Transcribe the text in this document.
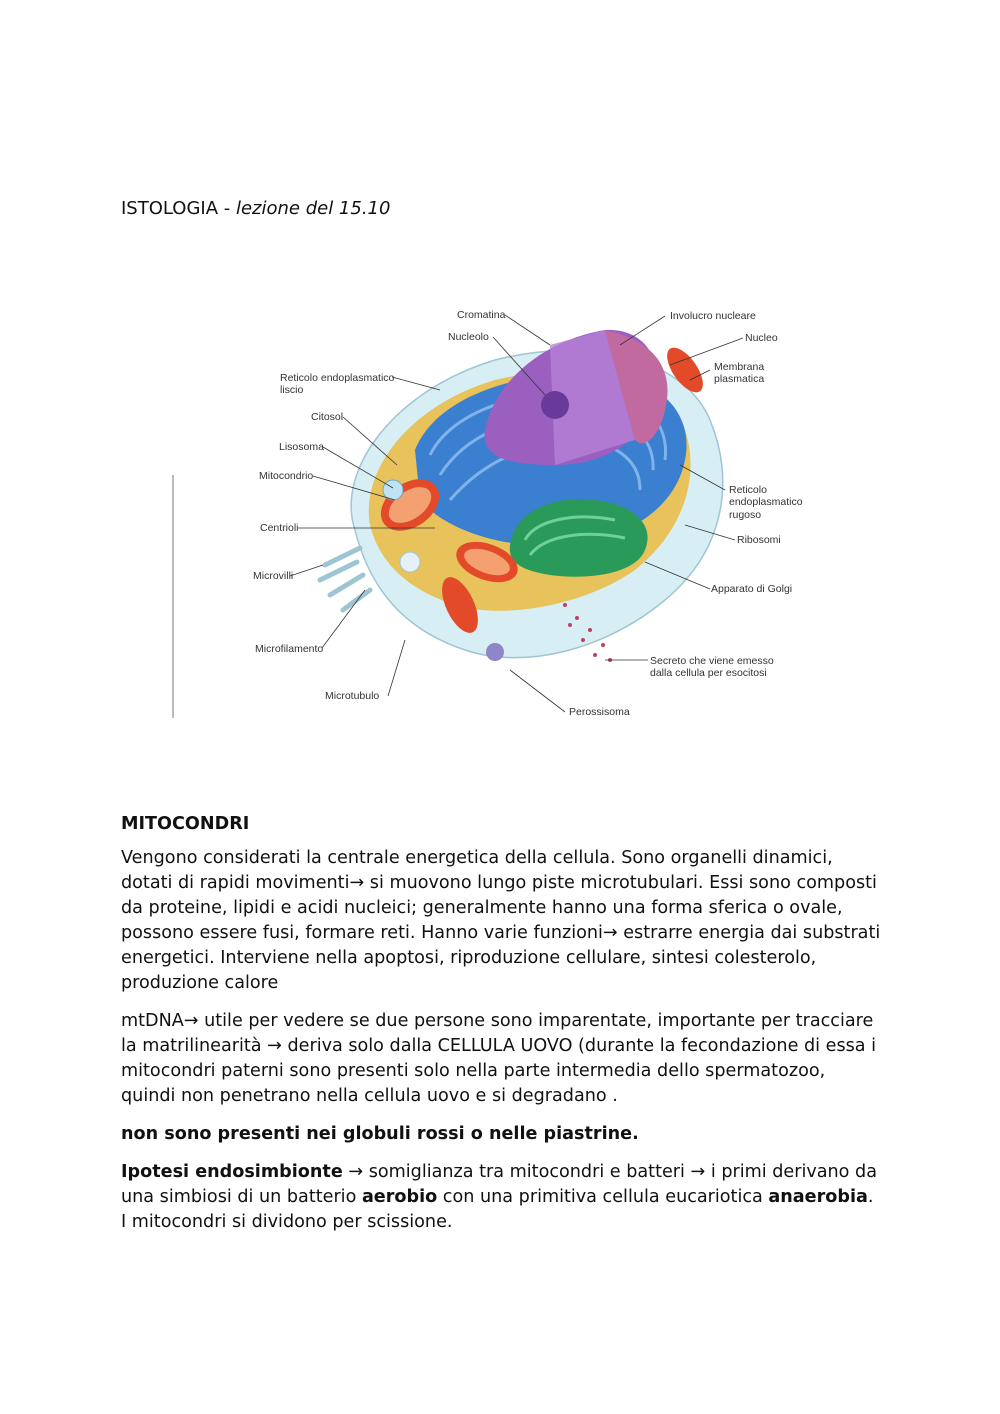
ISTOLOGIA - lezione del 15.10
Cromatina
Nucleolo
Involucro nucleare
Nucleo
Membrana
plasmatica
Reticolo endoplasmatico
liscio
Citosol
Lisosoma
Mitocondrio
Centrioli
Microvilli
Microfilamento
Microtubulo
Reticolo
endoplasmatico
rugoso
Ribosomi
Apparato di Golgi
Secreto che viene emesso
dalla cellula per esocitosi
Perossisoma
MITOCONDRI

Vengono considerati la centrale energetica della cellula. Sono organelli dinamici, dotati di rapidi movimenti→ si muovono lungo piste microtubulari. Essi sono composti da proteine, lipidi e acidi nucleici; generalmente hanno una forma sferica o ovale, possono essere fusi, formare reti. Hanno varie funzioni→ estrarre energia dai substrati energetici. Interviene nella apoptosi, riproduzione cellulare, sintesi colesterolo, produzione calore

mtDNA→ utile per vedere se due persone sono imparentate, importante per tracciare la matrilinearità → deriva solo dalla CELLULA UOVO (durante la fecondazione di essa i mitocondri paterni sono presenti solo nella parte intermedia dello spermatozoo, quindi non penetrano nella cellula uovo e si degradano .

non sono presenti nei globuli rossi o nelle piastrine.

Ipotesi endosimbionte → somiglianza tra mitocondri e batteri → i primi derivano da una simbiosi di un batterio aerobio con una primitiva cellula eucariotica anaerobia. I mitocondri si dividono per scissione.
